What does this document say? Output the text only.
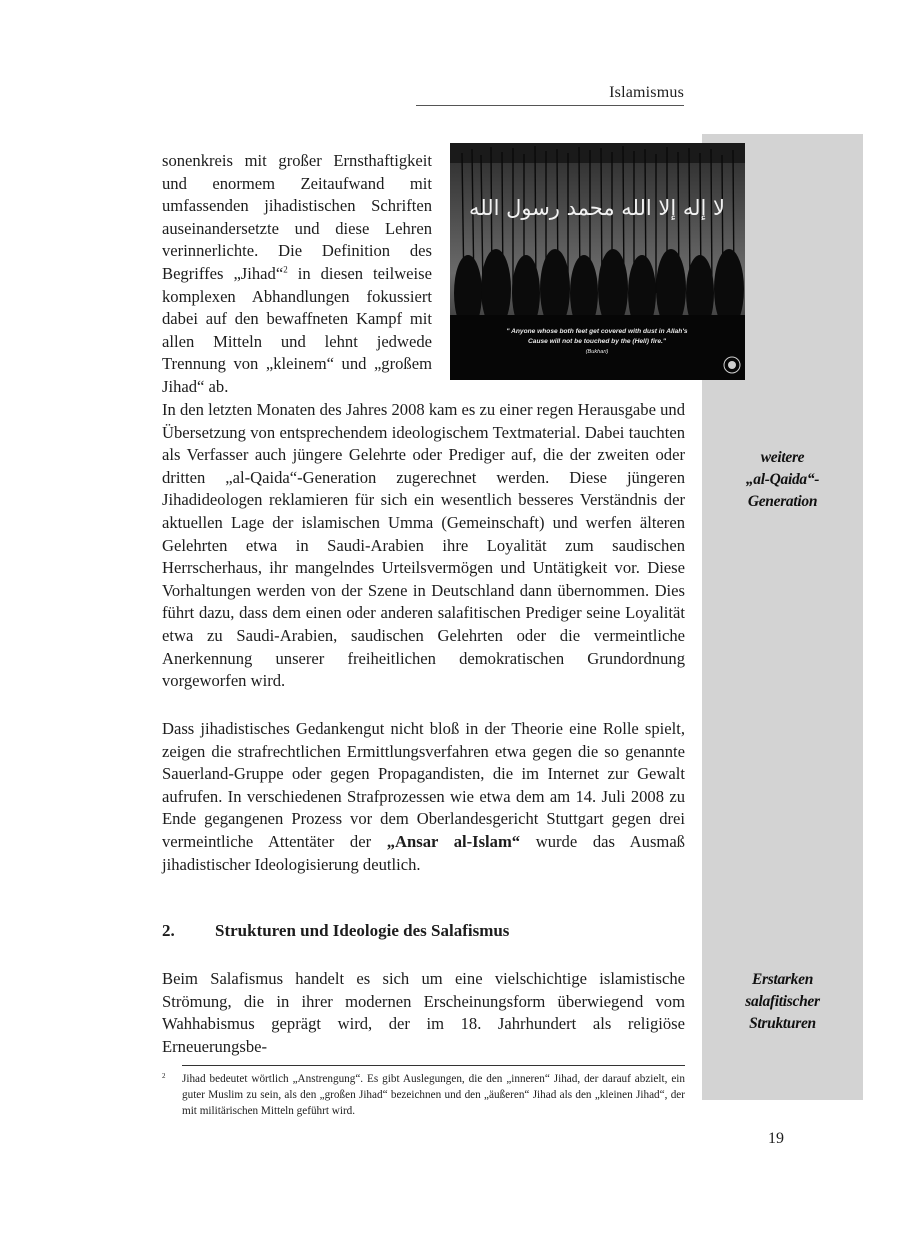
Islamismus
weitere
„al-Qaida“-
Generation
Erstarken
salafitischer
Strukturen

sonenkreis mit großer Ernsthaftigkeit und enormem Zeitaufwand mit umfassenden jihadistischen Schriften auseinandersetzte und diese Lehren verinnerlichte. Die Definition des Begriffes „Jihad“$^2$ in diesen teilweise komplexen Abhandlungen fokussiert dabei auf den bewaffneten Kampf mit allen Mitteln und lehnt jedwede Trennung von „kleinem“ und „großem Jihad“ ab.

لا إله إلا الله محمد رسول الله
" Anyone whose both feet get covered with dust in Allah's
Cause will not be touched by the (Hell) fire."
(Bukhari)

In den letzten Monaten des Jahres 2008 kam es zu einer regen Herausgabe und Übersetzung von entsprechendem ideologischem Textmaterial. Dabei tauchten als Verfasser auch jüngere Gelehrte oder Prediger auf, die der zweiten oder dritten „al-Qaida“-Generation zugerechnet werden. Diese jüngeren Jihadideologen reklamieren für sich ein wesentlich besseres Verständnis der aktuellen Lage der islamischen Umma (Gemeinschaft) und werfen älteren Gelehrten etwa in Saudi-Arabien ihre Loyalität zum saudischen Herrscherhaus, ihr mangelndes Urteilsvermögen und Untätigkeit vor. Diese Vorhaltungen werden von der Szene in Deutschland dann übernommen. Dies führt dazu, dass dem einen oder anderen salafitischen Prediger seine Loyalität etwa zu Saudi-Arabien, saudischen Gelehrten oder die vermeintliche Anerkennung unserer freiheitlichen demokratischen Grundordnung vorgeworfen wird.

Dass jihadistisches Gedankengut nicht bloß in der Theorie eine Rolle spielt, zeigen die strafrechtlichen Ermittlungsverfahren etwa gegen die so genannte Sauerland-Gruppe oder gegen Propagandisten, die im Internet zur Gewalt aufrufen. In verschiedenen Strafprozessen wie etwa dem am 14. Juli 2008 zu Ende gegangenen Prozess vor dem Oberlandesgericht Stuttgart gegen drei vermeintliche Attentäter der „Ansar al-Islam“ wurde das Ausmaß jihadistischer Ideologisierung deutlich.

2. Strukturen und Ideologie des Salafismus

Beim Salafismus handelt es sich um eine vielschichtige islamistische Strömung, die in ihrer modernen Erscheinungsform überwiegend vom Wahhabismus geprägt wird, der im 18. Jahrhundert als religiöse Erneuerungsbe-

2 Jihad bedeutet wörtlich „Anstrengung“. Es gibt Auslegungen, die den „inneren“ Jihad, der darauf abzielt, ein guter Muslim zu sein, als den „großen Jihad“ bezeichnen und den „äußeren“ Jihad als den „kleinen Jihad“, der mit militärischen Mitteln geführt wird.

19
